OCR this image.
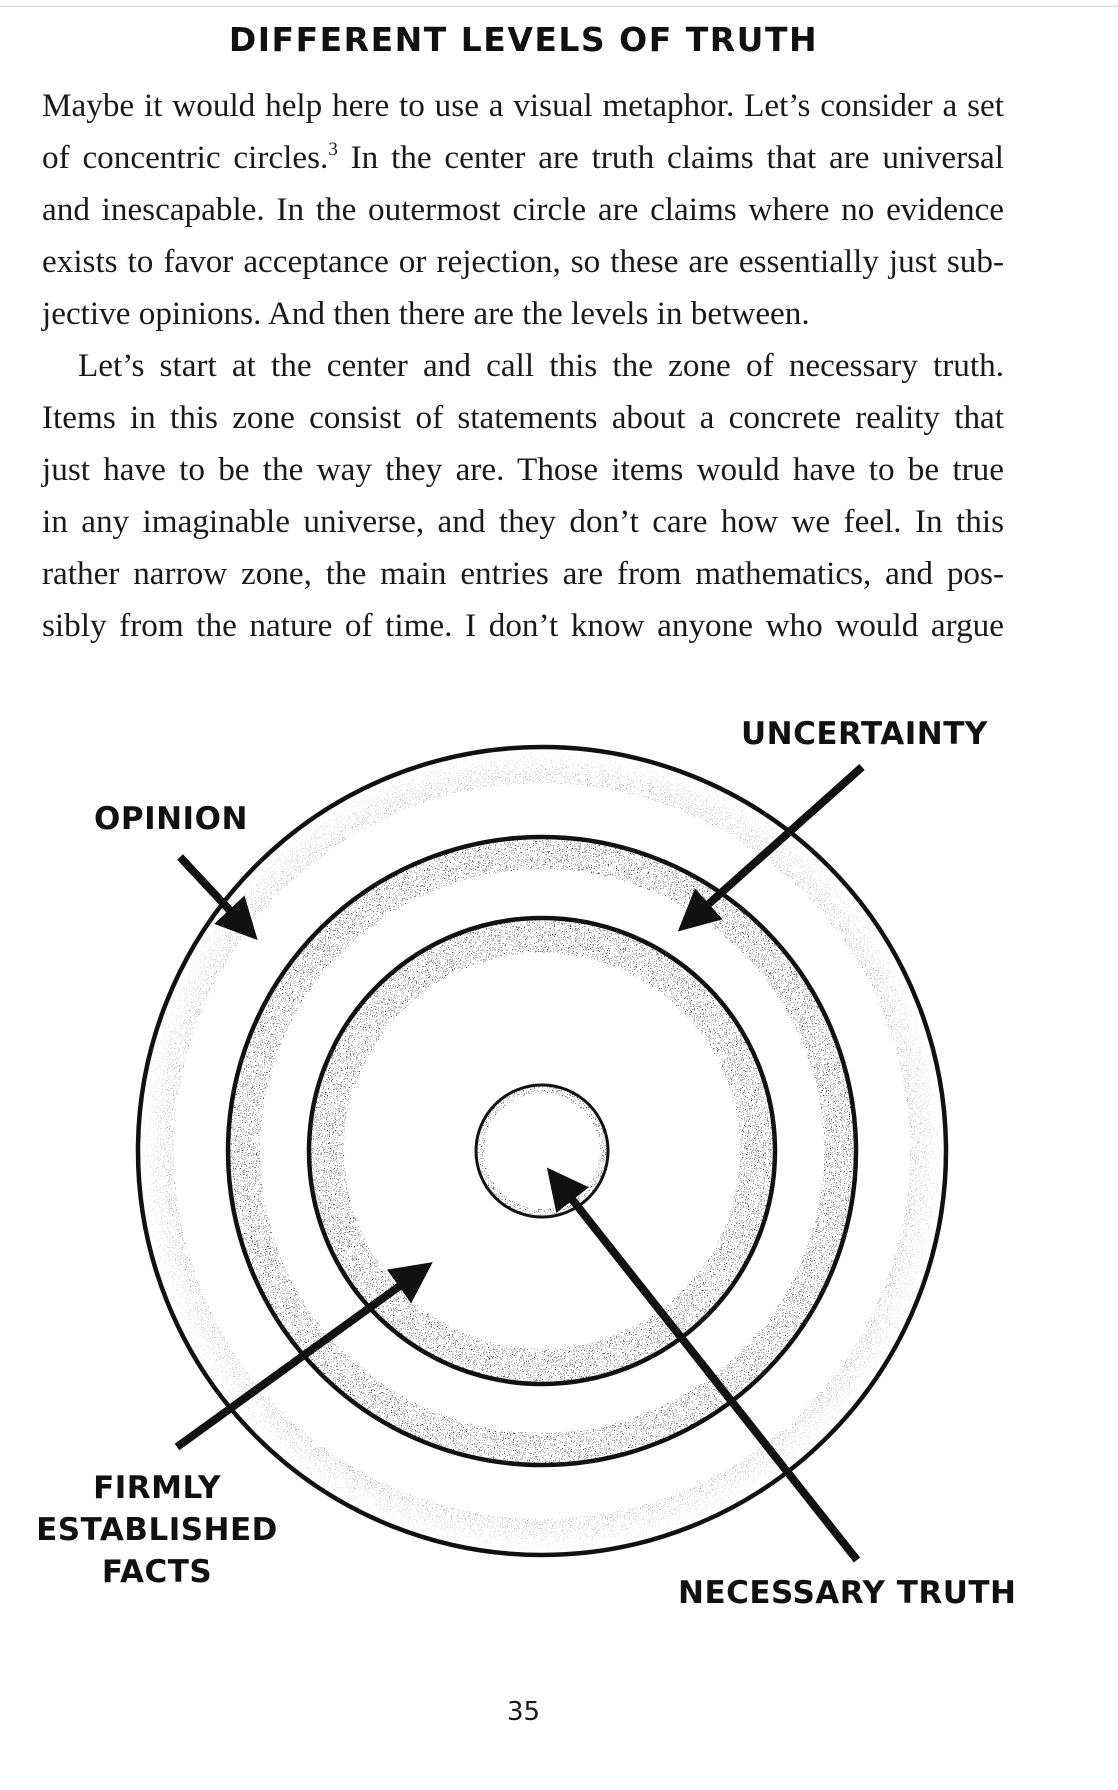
DIFFERENT LEVELS OF TRUTH
Maybe it would help here to use a visual metaphor. Let’s consider a set
of concentric circles.$^3$ In the center are truth claims that are universal
and inescapable. In the outermost circle are claims where no evidence
exists to favor acceptance or rejection, so these are essentially just sub-
jective opinions. And then there are the levels in between.
Let’s start at the center and call this the zone of necessary truth.
Items in this zone consist of statements about a concrete reality that
just have to be the way they are. Those items would have to be true
in any imaginable universe, and they don’t care how we feel. In this
rather narrow zone, the main entries are from mathematics, and pos-
sibly from the nature of time. I don’t know anyone who would argue
UNCERTAINTY
OPINION
FIRMLY
ESTABLISHED
FACTS
NECESSARY TRUTH
35
